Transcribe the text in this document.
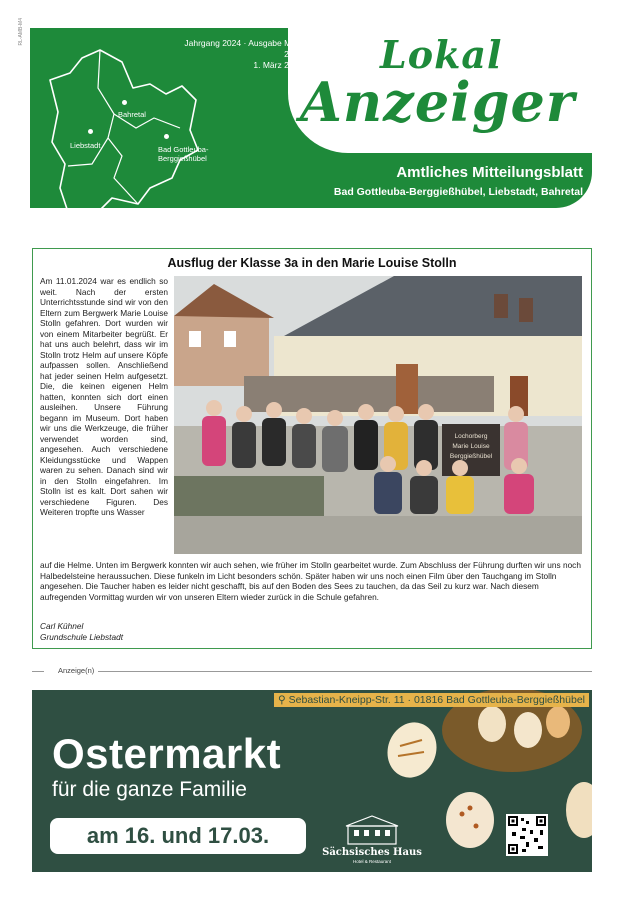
RL-AMB-M4
Bahretal
Liebstadt	Bad Gottleuba-
Berggießhübel
Jahrgang 2024 · Ausgabe März 2024
1. März 2024 Lokal
Anzeiger
Amtliches Mitteilungsblatt
Bad Gottleuba-Berggießhübel, Liebstadt, Bahretal
Ausflug der Klasse 3a in den Marie Louise Stolln
Am 11.01.2024 war es endlich so weit. Nach der ersten Unterrichtsstunde sind wir von den Eltern zum Bergwerk Marie Louise Stolln gefahren. Dort wurden wir von einem Mitarbeiter begrüßt. Er hat uns auch belehrt, dass wir im Stolln trotz Helm auf unsere Köpfe aufpassen sollen. Anschließend hat jeder seinen Helm aufgesetzt. Die, die keinen eigenen Helm hatten, konnten sich dort einen ausleihen. Unsere Führung begann im Museum. Dort haben wir uns die Werkzeuge, die früher verwendet worden sind, angesehen. Auch verschiedene Kleidungsstücke und Wappen waren zu sehen. Danach sind wir in den Stolln eingefahren. Im Stolln ist es kalt. Dort sahen wir verschiedene Figuren. Des Weiteren tropfte uns Wasser
Lochorberg
Marie Louise
Berggießhübel
auf die Helme. Unten im Bergwerk konnten wir auch sehen, wie früher im Stolln gearbeitet wurde. Zum Abschluss der Führung durften wir uns noch Halbedelsteine heraussuchen. Diese funkeln im Licht besonders schön. Später haben wir uns noch einen Film über den Tauchgang im Stolln angesehen. Die Taucher haben es leider nicht geschafft, bis auf den Boden des Sees zu tauchen, da das Seil zu kurz war. Nach diesem aufregenden Vormittag wurden wir von unseren Eltern wieder zurück in die Schule gefahren.
Carl Kühnel
Grundschule Liebstadt
Anzeige(n)
⚲ Sebastian-Kneipp-Str. 11 · 01816 Bad Gottleuba-Berggießhübel
Ostermarkt
für die ganze Familie
am 16. und 17.03.
Sächsisches Haus
Hotel & Restaurant
